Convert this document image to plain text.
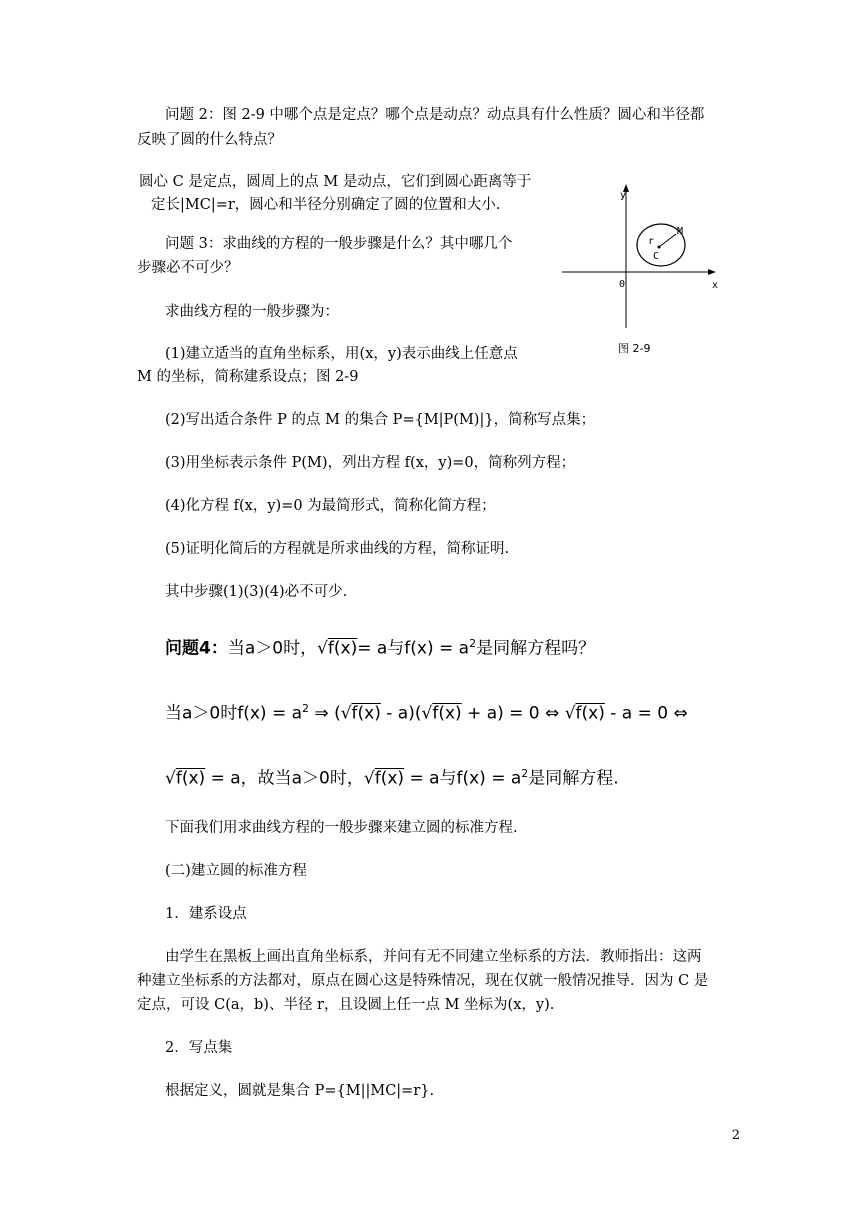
问题 2：图 2-9 中哪个点是定点？哪个点是动点？动点具有什么性质？圆心和半径都
反映了圆的什么特点？
圆心 C 是定点，圆周上的点 M 是动点，它们到圆心距离等于
定长|MC|=r，圆心和半径分别确定了圆的位置和大小.
问题 3：求曲线的方程的一般步骤是什么？其中哪几个
步骤必不可少？
求曲线方程的一般步骤为：
(1)建立适当的直角坐标系，用(x，y)表示曲线上任意点
M 的坐标，简称建系设点；图 2-9
(2)写出适合条件 P 的点 M 的集合 P={M|P(M)|}，简称写点集；
(3)用坐标表示条件 P(M)，列出方程 f(x，y)=0，简称列方程；
(4)化方程 f(x，y)=0 为最简形式，简称化简方程；
(5)证明化简后的方程就是所求曲线的方程，简称证明.
其中步骤(1)(3)(4)必不可少.
y
x
0
r
M
C
图 2-9
问题4：当a＞0时，√f(x)= a与$f(x) = a^2$是同解方程吗？
当a＞0时$f(x) = a^2$ ⇒ (√f(x) - a)(√f(x) + a) = 0 ⇔ √f(x) - a = 0 ⇔
√f(x) = a，故当a＞0时，√f(x) = a与$f(x) = a^2$是同解方程.
下面我们用求曲线方程的一般步骤来建立圆的标准方程.
(二)建立圆的标准方程
1．建系设点
由学生在黑板上画出直角坐标系，并问有无不同建立坐标系的方法．教师指出：这两
种建立坐标系的方法都对，原点在圆心这是特殊情况，现在仅就一般情况推导．因为 C 是
定点，可设 C(a，b)、半径 r，且设圆上任一点 M 坐标为(x，y).
2．写点集
根据定义，圆就是集合 P={M||MC|=r}.
2
